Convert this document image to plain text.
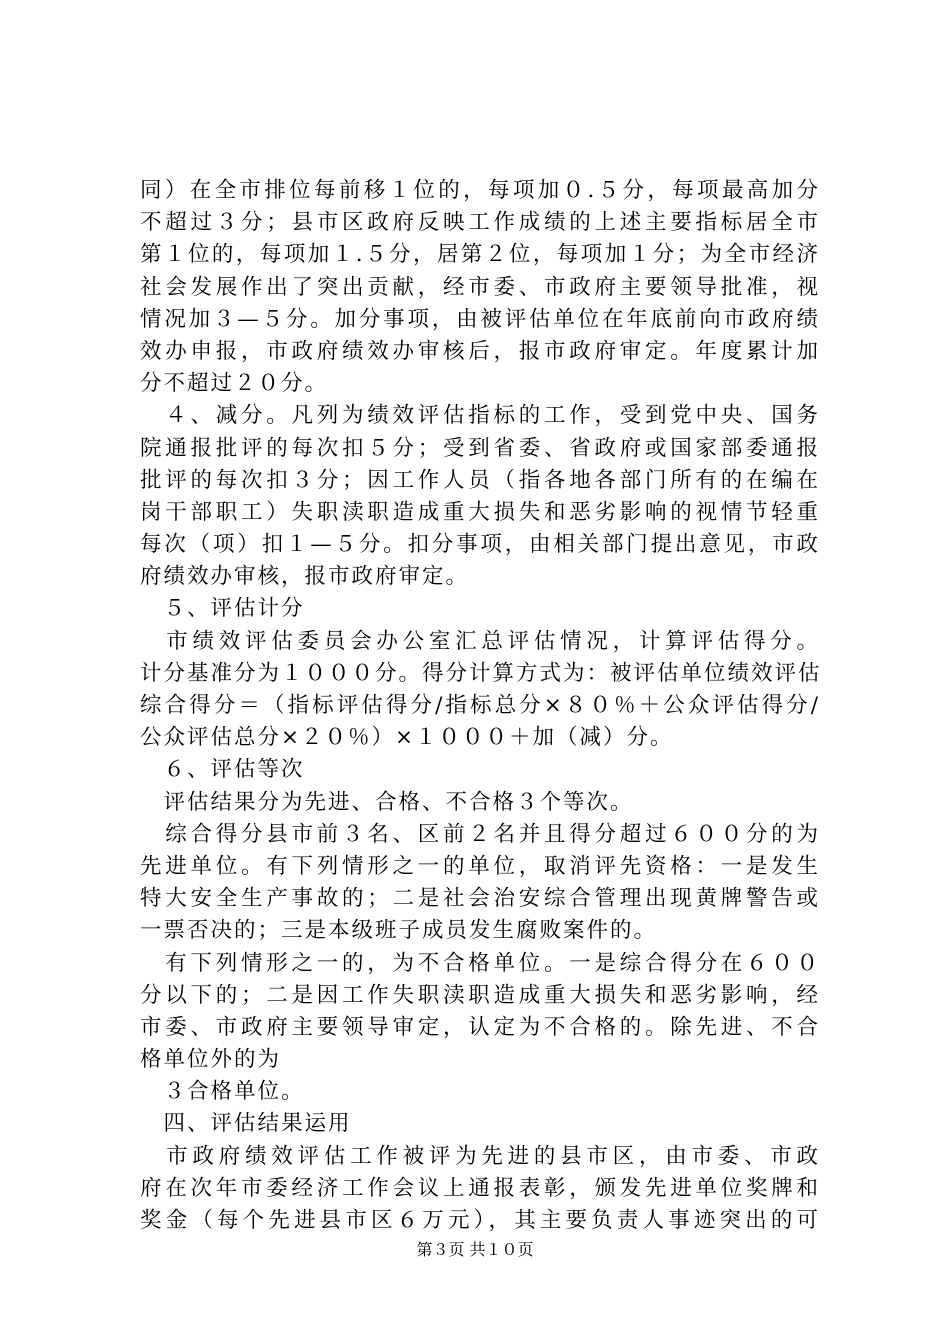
同）在全市排位每前移１位的，每项加０.５分，每项最高加分
不超过３分；县市区政府反映工作成绩的上述主要指标居全市
第１位的，每项加１.５分，居第２位，每项加１分；为全市经济
社会发展作出了突出贡献，经市委、市政府主要领导批准，视
情况加３—５分。加分事项，由被评估单位在年底前向市政府绩
效办申报，市政府绩效办审核后，报市政府审定。年度累计加
分不超过２０分。
　４、减分。凡列为绩效评估指标的工作，受到党中央、国务
院通报批评的每次扣５分；受到省委、省政府或国家部委通报
批评的每次扣３分；因工作人员（指各地各部门所有的在编在
岗干部职工）失职渎职造成重大损失和恶劣影响的视情节轻重
每次（项）扣１—５分。扣分事项，由相关部门提出意见，市政
府绩效办审核，报市政府审定。
　５、评估计分
　市绩效评估委员会办公室汇总评估情况，计算评估得分。
计分基准分为１０００分。得分计算方式为：被评估单位绩效评估
综合得分＝（指标评估得分/指标总分×８０％＋公众评估得分/
公众评估总分×２０％）×１０００＋加（减）分。
　６、评估等次
　评估结果分为先进、合格、不合格３个等次。
　综合得分县市前３名、区前２名并且得分超过６００分的为
先进单位。有下列情形之一的单位，取消评先资格：一是发生
特大安全生产事故的；二是社会治安综合管理出现黄牌警告或
一票否决的；三是本级班子成员发生腐败案件的。
　有下列情形之一的，为不合格单位。一是综合得分在６００
分以下的；二是因工作失职渎职造成重大损失和恶劣影响，经
市委、市政府主要领导审定，认定为不合格的。除先进、不合
格单位外的为
　３合格单位。
　四、评估结果运用
　市政府绩效评估工作被评为先进的县市区，由市委、市政
府在次年市委经济工作会议上通报表彰，颁发先进单位奖牌和
奖金（每个先进县市区６万元），其主要负责人事迹突出的可
第３页 共１０页
